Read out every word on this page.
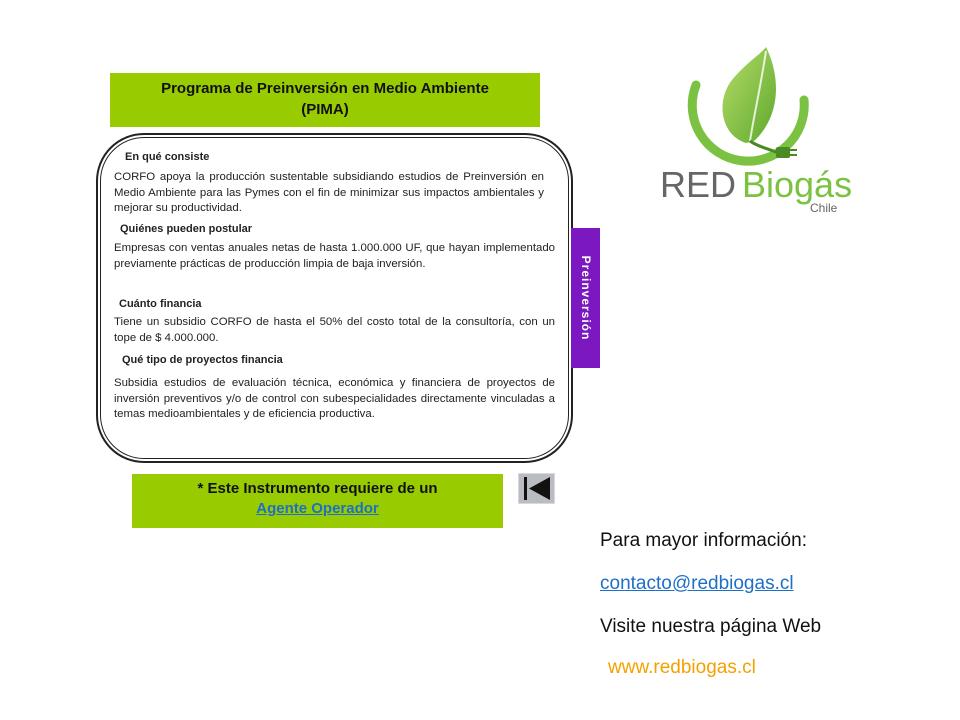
Programa de Preinversión en Medio Ambiente
(PIMA)
En qué consiste
CORFO apoya la producción sustentable subsidiando estudios de Preinversión en Medio Ambiente para las Pymes con el fin de minimizar sus impactos ambientales y mejorar su productividad.
Quiénes pueden postular
Empresas con ventas anuales netas de hasta 1.000.000 UF, que hayan implementado previamente prácticas de producción limpia de baja inversión.
Cuánto financia
Tiene un subsidio CORFO de hasta el 50% del costo total de la consultoría, con un tope de $ 4.000.000.
Qué tipo de proyectos financia
Subsidia estudios de evaluación técnica, económica y financiera de proyectos de inversión preventivos y/o de control con subespecialidades directamente vinculadas a temas medioambientales y de eficiencia productiva.
Preinversión
* Este Instrumento requiere de un
Agente Operador
RED Biogás
Chile
Para mayor información:
contacto@redbiogas.cl
Visite nuestra página Web
www.redbiogas.cl
